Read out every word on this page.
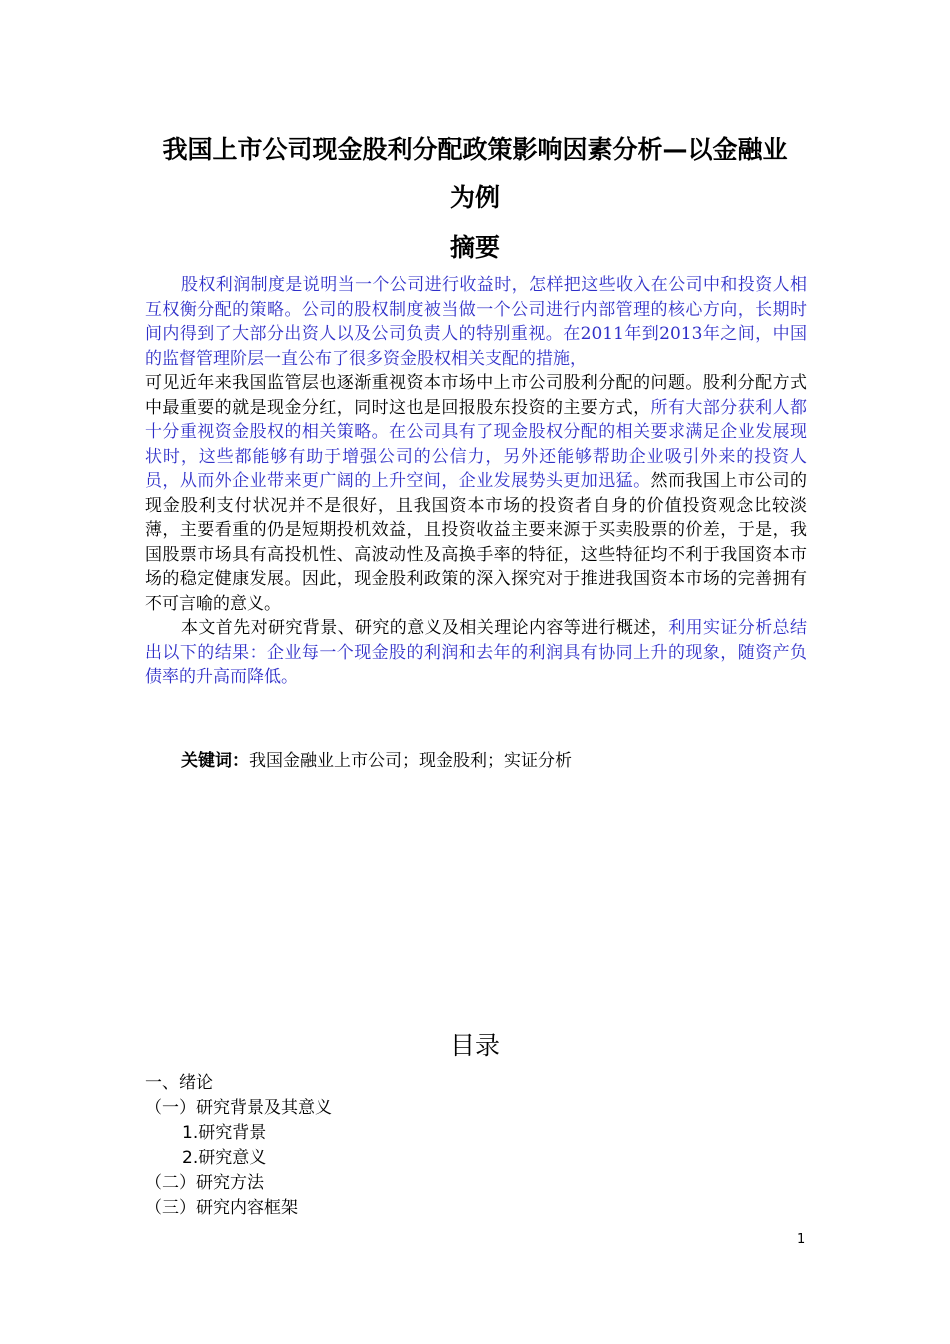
我国上市公司现金股利分配政策影响因素分析—以金融业
为例
摘要

股权利润制度是说明当一个公司进行收益时，怎样把这些收入在公司中和投资人相互权衡分配的策略。公司的股权制度被当做一个公司进行内部管理的核心方向，长期时间内得到了大部分出资人以及公司负责人的特别重视。在2011年到2013年之间，中国的监督管理阶层一直公布了很多资金股权相关支配的措施，

可见近年来我国监管层也逐渐重视资本市场中上市公司股利分配的问题。股利分配方式中最重要的就是现金分红，同时这也是回报股东投资的主要方式，所有大部分获利人都十分重视资金股权的相关策略。在公司具有了现金股权分配的相关要求满足企业发展现状时，这些都能够有助于增强公司的公信力，另外还能够帮助企业吸引外来的投资人员，从而外企业带来更广阔的上升空间，企业发展势头更加迅猛。然而我国上市公司的现金股利支付状况并不是很好，且我国资本市场的投资者自身的价值投资观念比较淡薄，主要看重的仍是短期投机效益，且投资收益主要来源于买卖股票的价差，于是，我国股票市场具有高投机性、高波动性及高换手率的特征，这些特征均不利于我国资本市场的稳定健康发展。因此，现金股利政策的深入探究对于推进我国资本市场的完善拥有不可言喻的意义。

本文首先对研究背景、研究的意义及相关理论内容等进行概述，利用实证分析总结出以下的结果：企业每一个现金股的利润和去年的利润具有协同上升的现象，随资产负债率的升高而降低。

关键词：我国金融业上市公司；现金股利；实证分析
目录
一、绪论
（一）研究背景及其意义
1.研究背景
2.研究意义
（二）研究方法
（三）研究内容框架
1
